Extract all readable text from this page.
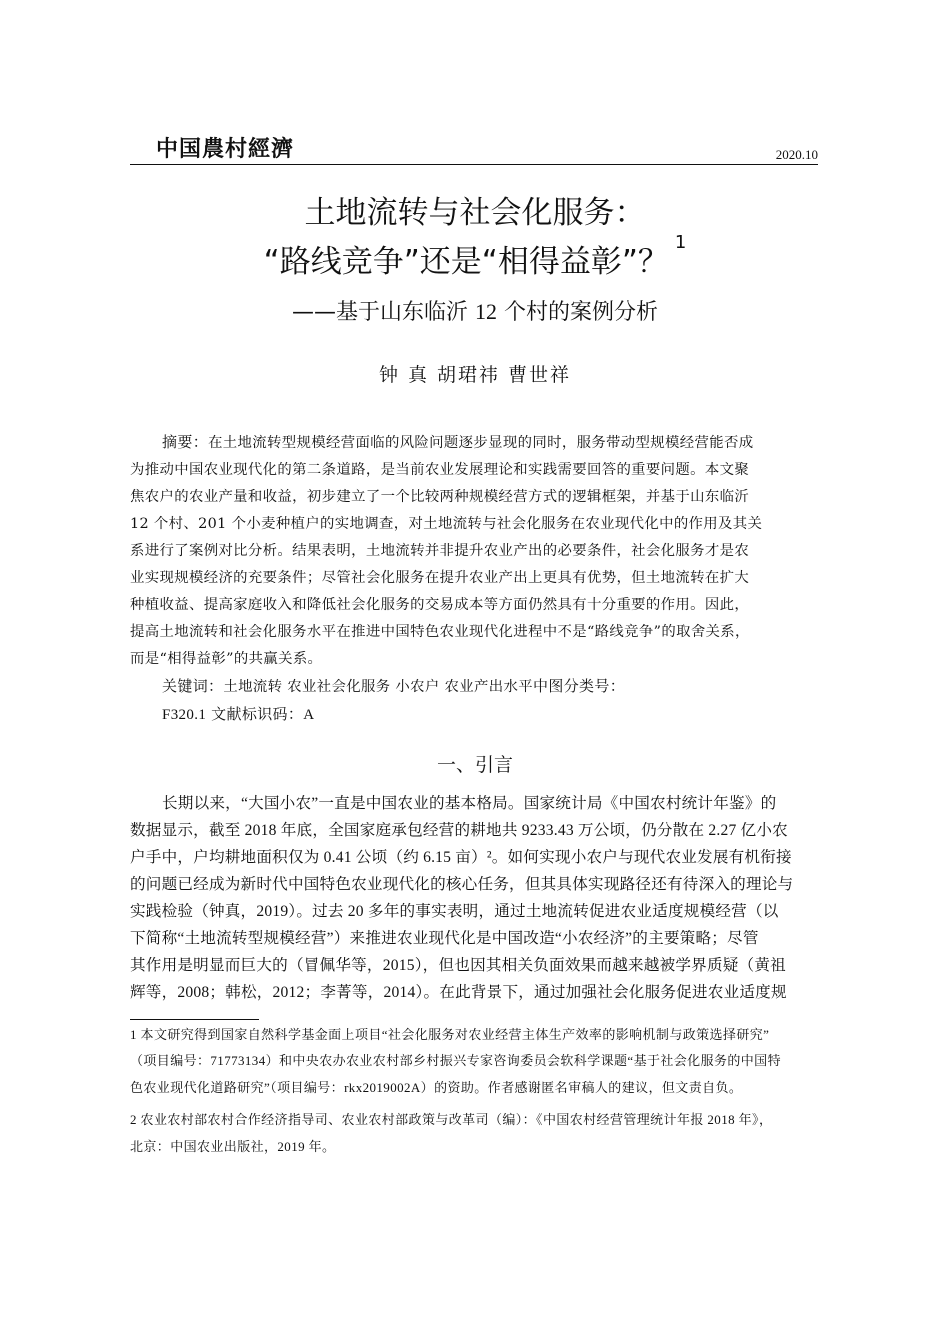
中国農村經濟	2020.10
土地流转与社会化服务：
“路线竞争”还是“相得益彰”？$^1$
——基于山东临沂 12 个村的案例分析
钟 真 胡珺祎 曹世祥
摘要：在土地流转型规模经营面临的风险问题逐步显现的同时，服务带动型规模经营能否成
为推动中国农业现代化的第二条道路，是当前农业发展理论和实践需要回答的重要问题。本文聚
焦农户的农业产量和收益，初步建立了一个比较两种规模经营方式的逻辑框架，并基于山东临沂
12 个村、201 个小麦种植户的实地调查，对土地流转与社会化服务在农业现代化中的作用及其关
系进行了案例对比分析。结果表明，土地流转并非提升农业产出的必要条件，社会化服务才是农
业实现规模经济的充要条件；尽管社会化服务在提升农业产出上更具有优势，但土地流转在扩大
种植收益、提高家庭收入和降低社会化服务的交易成本等方面仍然具有十分重要的作用。因此，
提高土地流转和社会化服务水平在推进中国特色农业现代化进程中不是“路线竞争”的取舍关系，
而是“相得益彰”的共赢关系。
关键词：土地流转 农业社会化服务 小农户 农业产出水平中图分类号：
F320.1 文献标识码：A
一、引言
长期以来，“大国小农”一直是中国农业的基本格局。国家统计局《中国农村统计年鉴》的
数据显示，截至 2018 年底，全国家庭承包经营的耕地共 9233.43 万公顷，仍分散在 2.27 亿小农
户手中，户均耕地面积仅为 0.41 公顷（约 6.15 亩）²。如何实现小农户与现代农业发展有机衔接
的问题已经成为新时代中国特色农业现代化的核心任务，但其具体实现路径还有待深入的理论与
实践检验（钟真，2019）。过去 20 多年的事实表明，通过土地流转促进农业适度规模经营（以
下简称“土地流转型规模经营”）来推进农业现代化是中国改造“小农经济”的主要策略；尽管
其作用是明显而巨大的（冒佩华等，2015），但也因其相关负面效果而越来越被学界质疑（黄祖
辉等，2008；韩松，2012；李菁等，2014）。在此背景下，通过加强社会化服务促进农业适度规
1 本文研究得到国家自然科学基金面上项目“社会化服务对农业经营主体生产效率的影响机制与政策选择研究”
（项目编号：71773134）和中央农办农业农村部乡村振兴专家咨询委员会软科学课题“基于社会化服务的中国特
色农业现代化道路研究”（项目编号：rkx2019002A）的资助。作者感谢匿名审稿人的建议，但文责自负。
2 农业农村部农村合作经济指导司、农业农村部政策与改革司（编）：《中国农村经营管理统计年报 2018 年》，
北京：中国农业出版社，2019 年。
